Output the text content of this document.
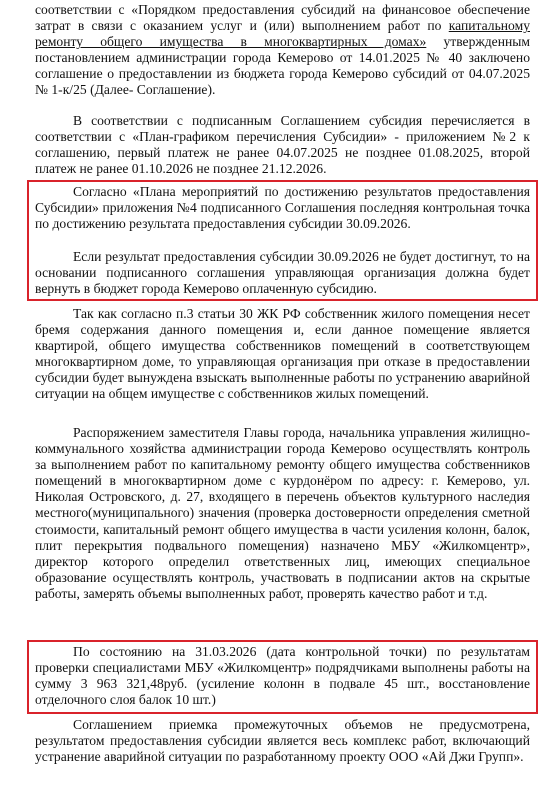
соответствии с «Порядком предоставления субсидий на финансовое обеспечение затрат в связи с оказанием услуг и (или) выполнением работ по капитальному ремонту общего имущества в многоквартирных домах» утвержденным постановлением администрации города Кемерово от 14.01.2025 № 40 заключено соглашение о предоставлении из бюджета города Кемерово субсидий от 04.07.2025 № 1-к/25 (Далее- Соглашение).

В соответствии с подписанным Соглашением субсидия перечисляется в соответствии с «План-графиком перечисления Субсидии» - приложением №2 к соглашению, первый платеж не ранее 04.07.2025 не позднее 01.08.2025, второй платеж не ранее 01.10.2026 не позднее 21.12.2026.

Согласно «Плана мероприятий по достижению результатов предоставления Субсидии» приложения №4 подписанного Соглашения последняя контрольная точка по достижению результата предоставления субсидии 30.09.2026.

Если результат предоставления субсидии 30.09.2026 не будет достигнут, то на основании подписанного соглашения управляющая организация должна будет вернуть в бюджет города Кемерово оплаченную субсидию.

Так как согласно п.3 статьи 30 ЖК РФ собственник жилого помещения несет бремя содержания данного помещения и, если данное помещение является квартирой, общего имущества собственников помещений в соответствующем многоквартирном доме, то управляющая организация при отказе в предоставлении субсидии будет вынуждена взыскать выполненные работы по устранению аварийной ситуации на общем имуществе с собственников жилых помещений.

Распоряжением заместителя Главы города, начальника управления жилищно-коммунального хозяйства администрации города Кемерово осуществлять контроль за выполнением работ по капитальному ремонту общего имущества собственников помещений в многоквартирном доме с курдонёром по адресу: г. Кемерово, ул. Николая Островского, д. 27, входящего в перечень объектов культурного наследия местного(муниципального) значения (проверка достоверности определения сметной стоимости, капитальный ремонт общего имущества в части усиления колонн, балок, плит перекрытия подвального помещения) назначено МБУ «Жилкомцентр», директор которого определил ответственных лиц, имеющих специальное образование осуществлять контроль, участвовать в подписании актов на скрытые работы, замерять объемы выполненных работ, проверять качество работ и т.д.

По состоянию на 31.03.2026 (дата контрольной точки) по результатам проверки специалистами МБУ «Жилкомцентр» подрядчиками выполнены работы на сумму 3 963 321,48руб. (усиление колонн в подвале 45 шт., восстановление отделочного слоя балок 10 шт.)

Соглашением приемка промежуточных объемов не предусмотрена, результатом предоставления субсидии является весь комплекс работ, включающий устранение аварийной ситуации по разработанному проекту ООО «Ай Джи Групп».
